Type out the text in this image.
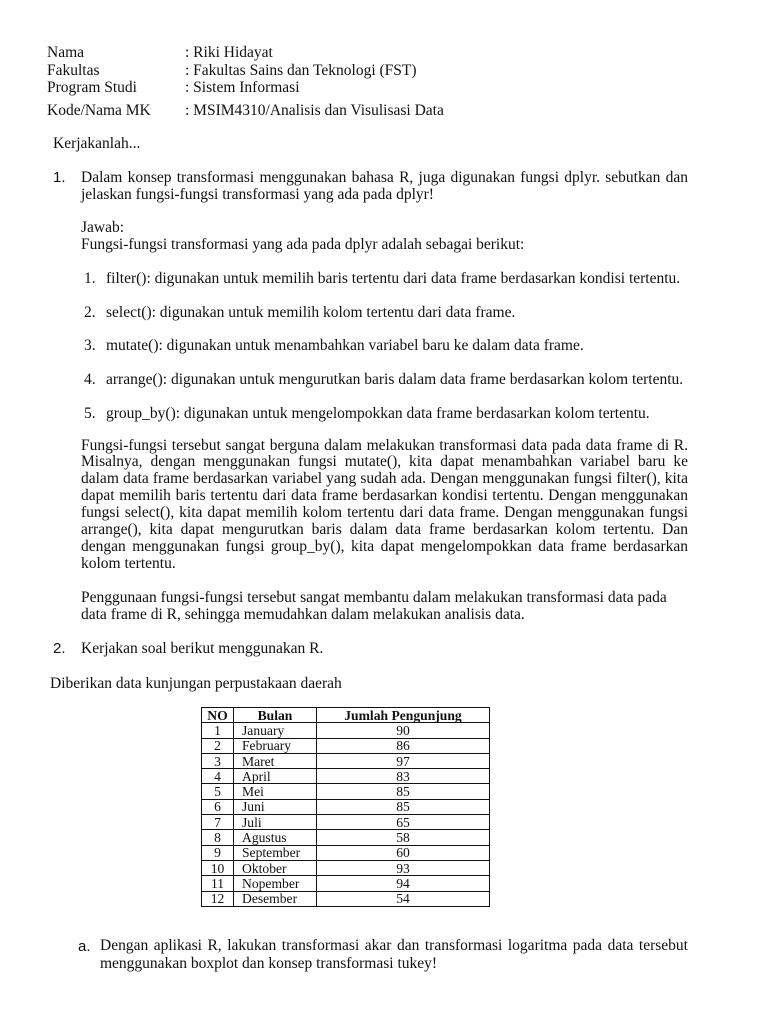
Nama	: Riki Hidayat
Fakultas	: Fakultas Sains dan Teknologi (FST)
Program Studi	: Sistem Informasi
Kode/Nama MK : MSIM4310/Analisis dan Visulisasi Data
Kerjakanlah...
1. Dalam konsep transformasi menggunakan bahasa R, juga digunakan fungsi dplyr. sebutkan dan
jelaskan fungsi-fungsi transformasi yang ada pada dplyr!
Jawab:
Fungsi-fungsi transformasi yang ada pada dplyr adalah sebagai berikut:
1. filter(): digunakan untuk memilih baris tertentu dari data frame berdasarkan kondisi tertentu.
2. select(): digunakan untuk memilih kolom tertentu dari data frame.
3. mutate(): digunakan untuk menambahkan variabel baru ke dalam data frame.
4. arrange(): digunakan untuk mengurutkan baris dalam data frame berdasarkan kolom tertentu.
5. group_by(): digunakan untuk mengelompokkan data frame berdasarkan kolom tertentu.
Fungsi-fungsi tersebut sangat berguna dalam melakukan transformasi data pada data frame di R.
Misalnya, dengan menggunakan fungsi mutate(), kita dapat menambahkan variabel baru ke
dalam data frame berdasarkan variabel yang sudah ada. Dengan menggunakan fungsi filter(), kita
dapat memilih baris tertentu dari data frame berdasarkan kondisi tertentu. Dengan menggunakan
fungsi select(), kita dapat memilih kolom tertentu dari data frame. Dengan menggunakan fungsi
arrange(), kita dapat mengurutkan baris dalam data frame berdasarkan kolom tertentu. Dan
dengan menggunakan fungsi group_by(), kita dapat mengelompokkan data frame berdasarkan
kolom tertentu.
Penggunaan fungsi-fungsi tersebut sangat membantu dalam melakukan transformasi data pada
data frame di R, sehingga memudahkan dalam melakukan analisis data.
2. Kerjakan soal berikut menggunakan R.
Diberikan data kunjungan perpustakaan daerah
NO	Bulan	Jumlah Pengunjung
1	January	90
2	February	86
3	Maret	97
4	April	83
5	Mei	85
6	Juni	85
7	Juli	65
8	Agustus	58
9	September	60
10	Oktober	93
11	Nopember	94
12	Desember	54
a. Dengan aplikasi R, lakukan transformasi akar dan transformasi logaritma pada data tersebut
menggunakan boxplot dan konsep transformasi tukey!
